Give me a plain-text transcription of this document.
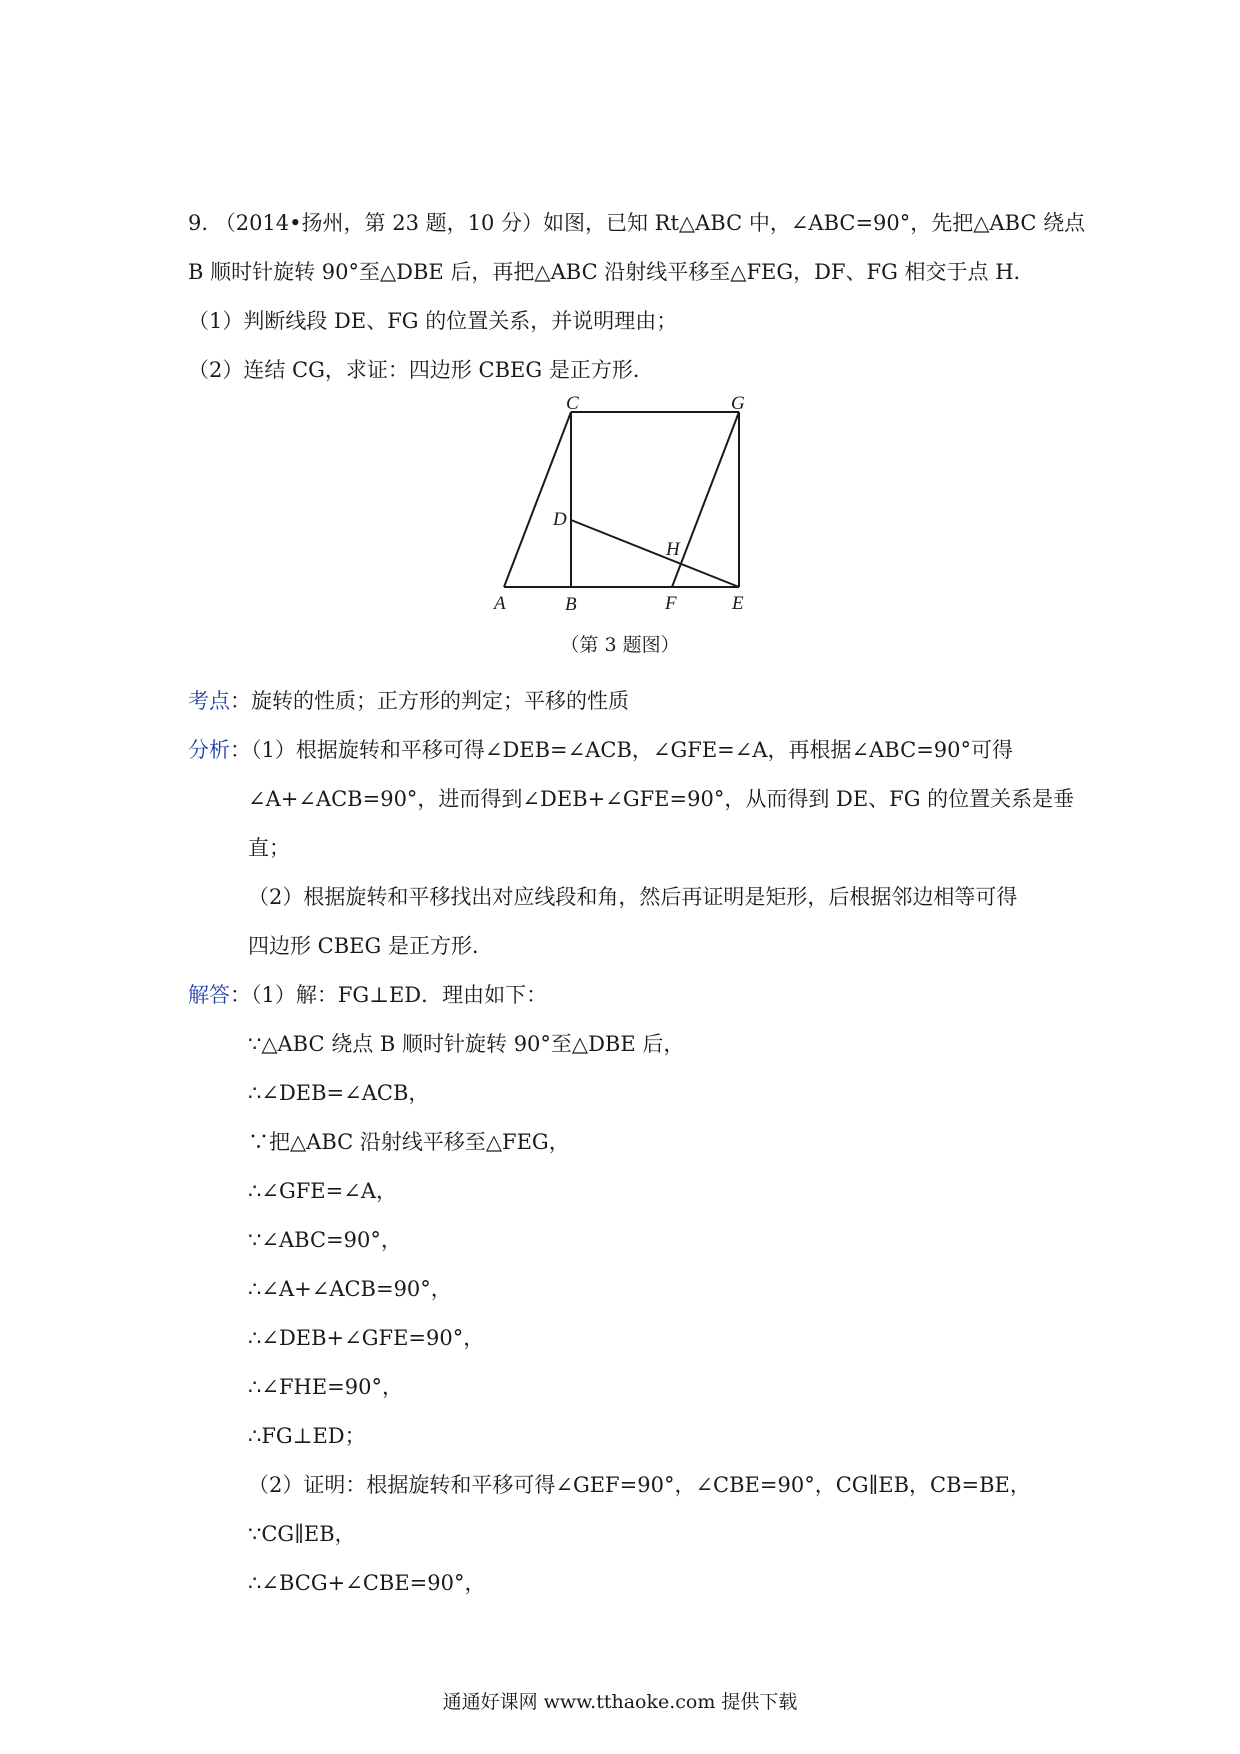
9. （2014•扬州，第 23 题，10 分）如图，已知 Rt△ABC 中，∠ABC=90°，先把△ABC 绕点
B 顺时针旋转 90°至△DBE 后，再把△ABC 沿射线平移至△FEG，DF、FG 相交于点 H．
（1）判断线段 DE、FG 的位置关系，并说明理由；
（2）连结 CG，求证：四边形 CBEG 是正方形．
C	G
D
H
A	B	F	E
（第 3 题图）
考点：旋转的性质；正方形的判定；平移的性质
分析：（1）根据旋转和平移可得∠DEB=∠ACB，∠GFE=∠A，再根据∠ABC=90°可得
∠A+∠ACB=90°，进而得到∠DEB+∠GFE=90°，从而得到 DE、FG 的位置关系是垂
直；
（2）根据旋转和平移找出对应线段和角，然后再证明是矩形，后根据邻边相等可得
四边形 CBEG 是正方形．
解答：（1）解：FG⊥ED．理由如下：
∵△ABC 绕点 B 顺时针旋转 90°至△DBE 后，
∴∠DEB=∠ACB，
∵把△ABC 沿射线平移至△FEG，
∴∠GFE=∠A，
∵∠ABC=90°，
∴∠A+∠ACB=90°，
∴∠DEB+∠GFE=90°，
∴∠FHE=90°，
∴FG⊥ED；
（2）证明：根据旋转和平移可得∠GEF=90°，∠CBE=90°，CG∥EB，CB=BE，
∵CG∥EB，
∴∠BCG+∠CBE=90°，
通通好课网 www.tthaoke.com 提供下载
